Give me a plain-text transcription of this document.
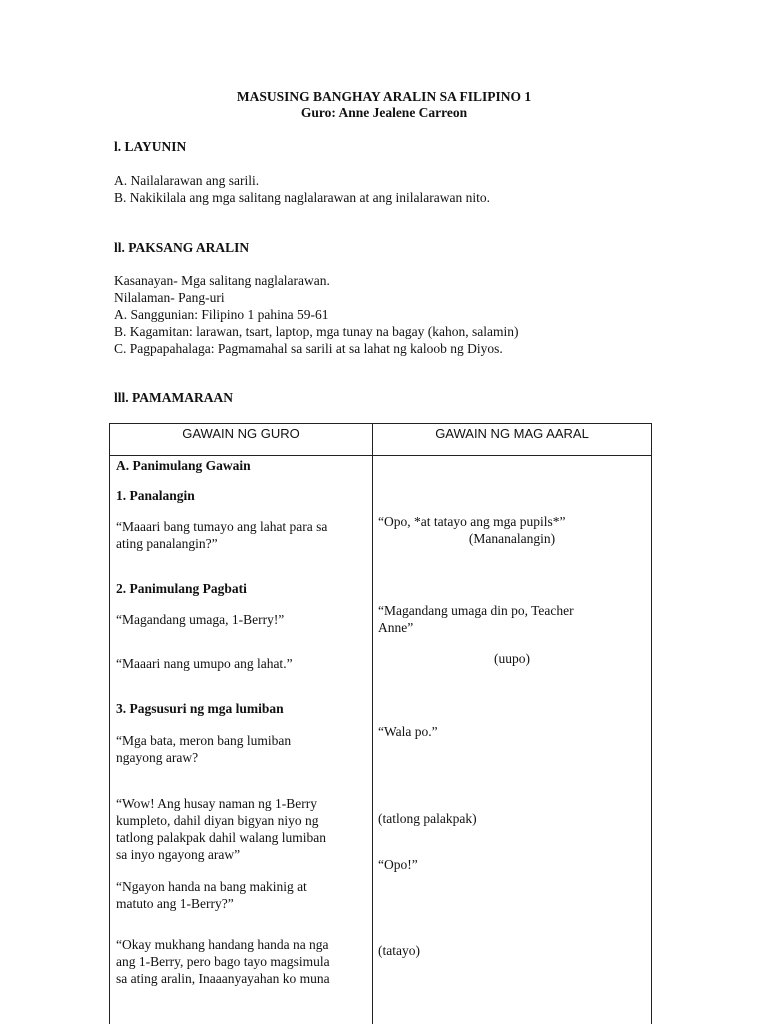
MASUSING BANGHAY ARALIN SA FILIPINO 1
Guro: Anne Jealene Carreon
l. LAYUNIN
A. Nailalarawan ang sarili.
B. Nakikilala ang mga salitang naglalarawan at ang inilalarawan nito.
ll. PAKSANG ARALIN
Kasanayan- Mga salitang naglalarawan.
Nilalaman- Pang-uri
A. Sanggunian: Filipino 1 pahina 59-61
B. Kagamitan: larawan, tsart, laptop, mga tunay na bagay (kahon, salamin)
C. Pagpapahalaga: Pagmamahal sa sarili at sa lahat ng kaloob ng Diyos.
lll. PAMAMARAAN
GAWAIN NG GURO	GAWAIN NG MAG AARAL
A. Panimulang Gawain
1. Panalangin
“Maaari bang tumayo ang lahat para sa
ating panalangin?”
2. Panimulang Pagbati
“Magandang umaga, 1-Berry!”
“Maaari nang umupo ang lahat.”
3. Pagsusuri ng mga lumiban
“Mga bata, meron bang lumiban
ngayong araw?
“Wow! Ang husay naman ng 1-Berry
kumpleto, dahil diyan bigyan niyo ng
tatlong palakpak dahil walang lumiban
sa inyo ngayong araw”
“Ngayon handa na bang makinig at
matuto ang 1-Berry?”
“Okay mukhang handang handa na nga
ang 1-Berry, pero bago tayo magsimula
sa ating aralin, Inaaanyayahan ko muna
“Opo, *at tatayo ang mga pupils*”
(Mananalangin)
“Magandang umaga din po, Teacher
Anne”
(uupo)
“Wala po.”
(tatlong palakpak)
“Opo!”
(tatayo)
